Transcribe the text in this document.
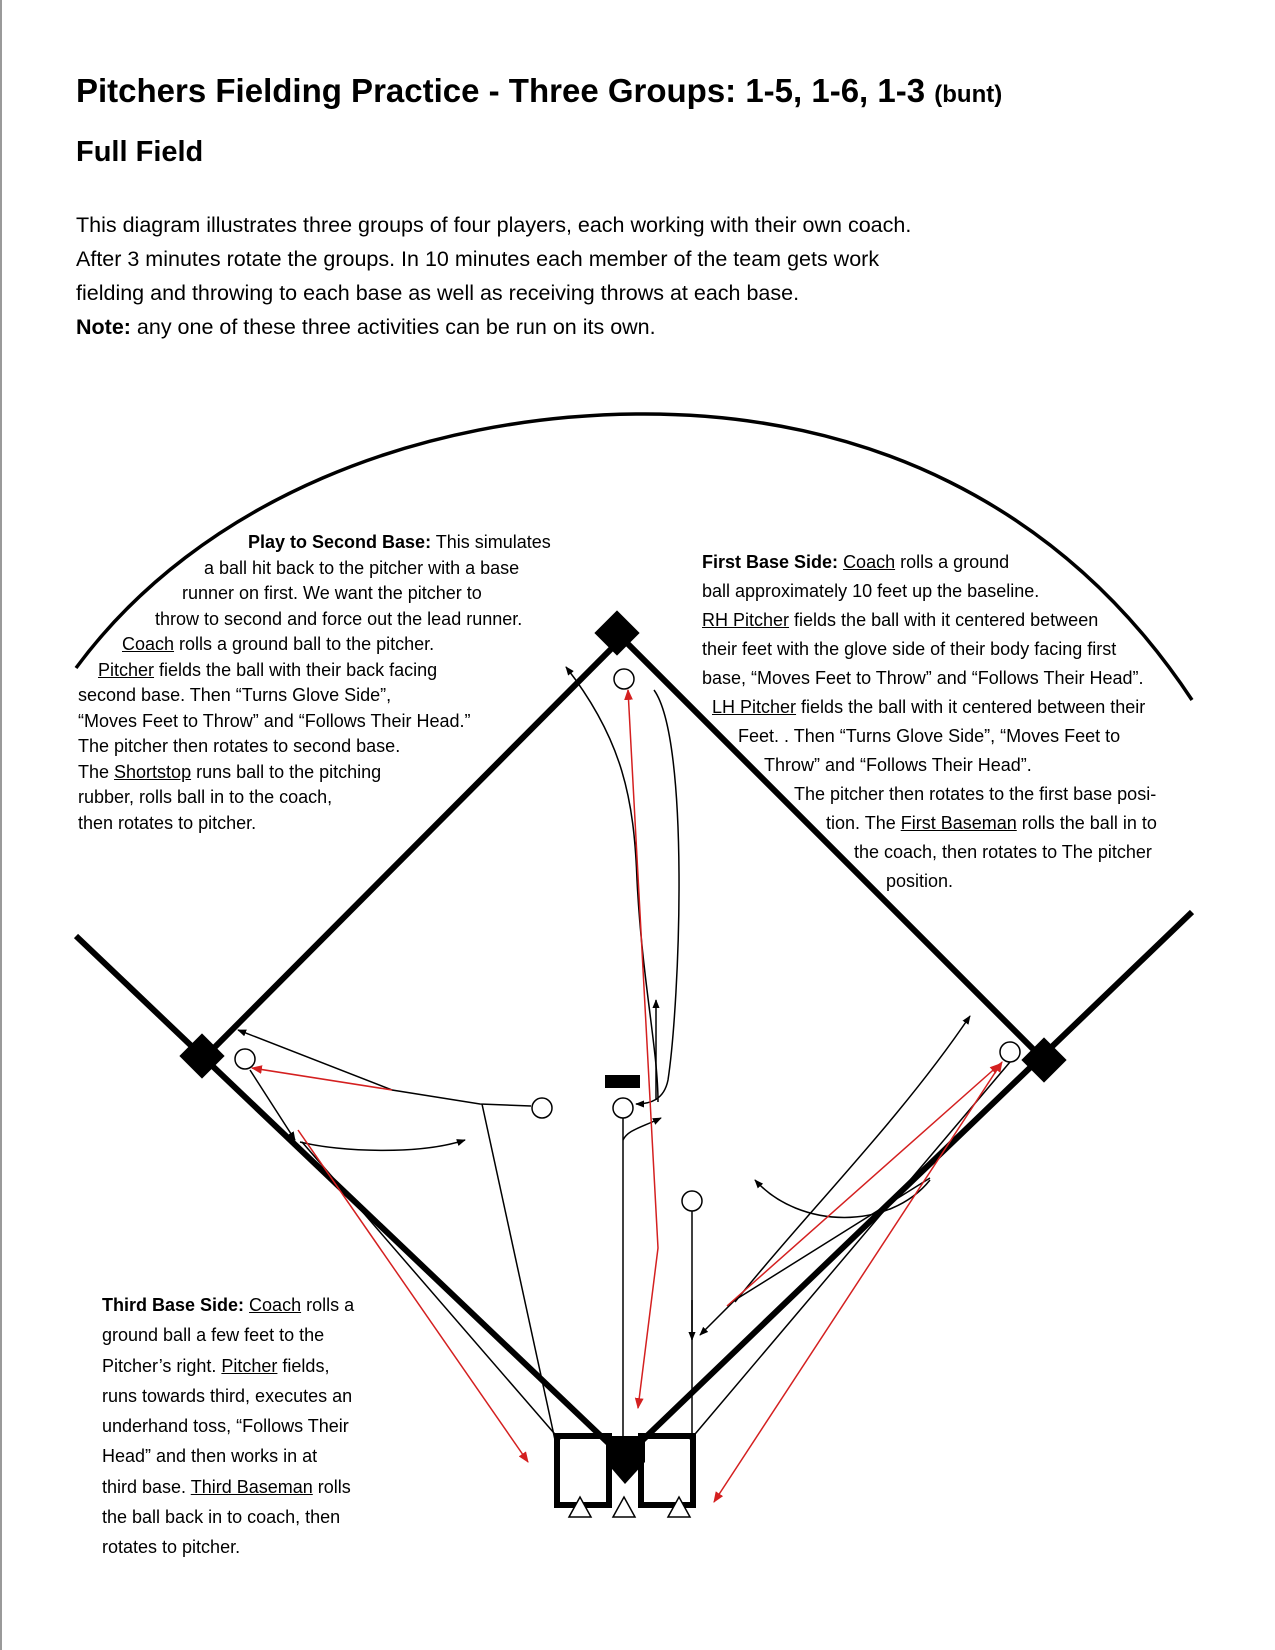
Pitchers Fielding Practice - Three Groups: 1-5, 1-6, 1-3 (bunt)
Full Field

This diagram illustrates three groups of four players, each working with their own coach.

After 3 minutes rotate the groups. In 10 minutes each member of the team gets work

fielding and throwing to each base as well as receiving throws at each base.

Note: any one of these three activities can be run on its own.

Play to Second Base: This simulates

a ball hit back to the pitcher with a base

runner on first. We want the pitcher to

throw to second and force out the lead runner.

Coach rolls a ground ball to the pitcher.

Pitcher fields the ball with their back facing

second base. Then “Turns Glove Side”,

“Moves Feet to Throw” and “Follows Their Head.”

The pitcher then rotates to second base.

The Shortstop runs ball to the pitching

rubber, rolls ball in to the coach,

then rotates to pitcher.

First Base Side: Coach rolls a ground

ball approximately 10 feet up the baseline.

RH Pitcher fields the ball with it centered between

their feet with the glove side of their body facing first

base, “Moves Feet to Throw” and “Follows Their Head”.

LH Pitcher fields the ball with it centered between their

Feet. . Then “Turns Glove Side”, “Moves Feet to

Throw” and “Follows Their Head”.

The pitcher then rotates to the first base posi-

tion. The First Baseman rolls the ball in to

the coach, then rotates to The pitcher

position.

Third Base Side: Coach rolls a

ground ball a few feet to the

Pitcher’s right. Pitcher fields,

runs towards third, executes an

underhand toss, “Follows Their

Head” and then works in at

third base. Third Baseman rolls

the ball back in to coach, then

rotates to pitcher.
